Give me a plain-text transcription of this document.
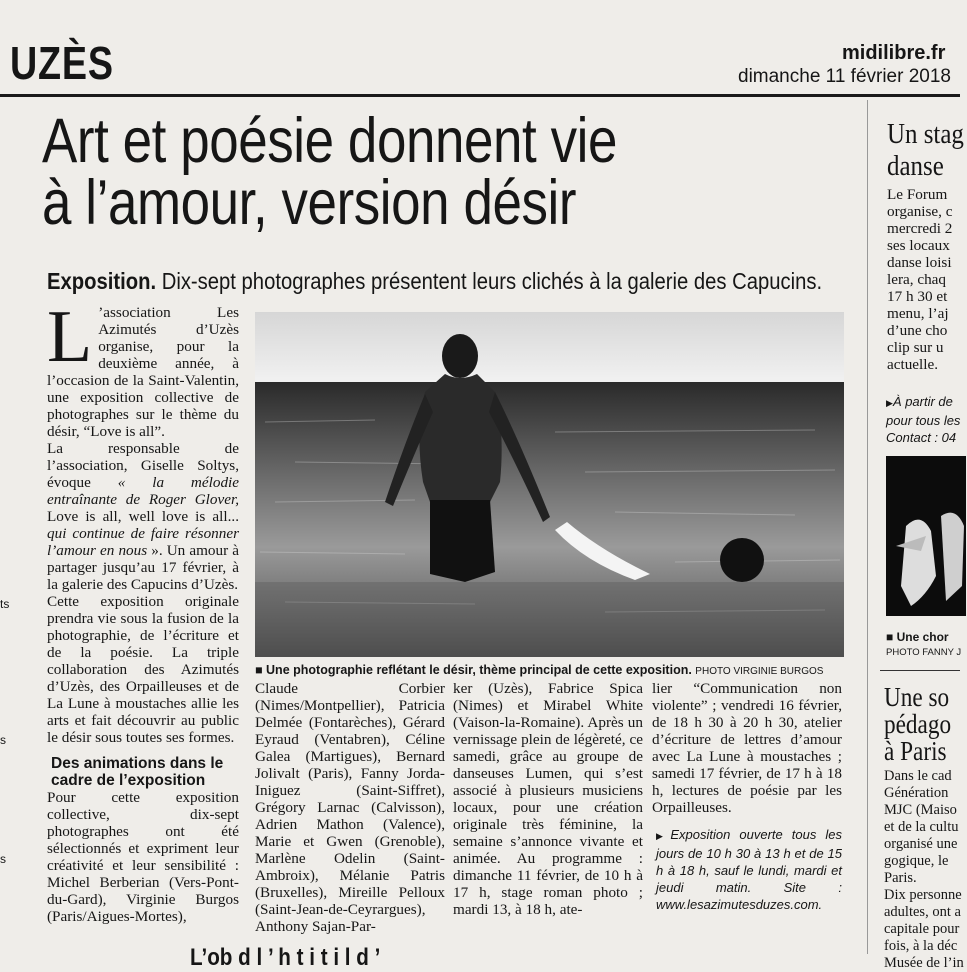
UZÈS	midilibre.fr
dimanche 11 février 2018
ts
s
s
Art et poésie donnent vie
à l’amour, version désir
Exposition. Dix-sept photographes présentent leurs clichés à la galerie des Capucins.
L ’association Les Azimutés d’Uzès organise, pour la deuxième année, à l’occasion de la Saint-Valentin, une exposition collective de photographes sur le thème du désir, “Love is all”.

La responsable de l’association, Giselle Soltys, évoque « la mélodie entraînante de Roger Glover, Love is all, well love is all... qui continue de faire résonner l’amour en nous ». Un amour à partager jusqu’au 17 février, à la galerie des Capucins d’Uzès.

Cette exposition originale prendra vie sous la fusion de la photographie, de l’écriture et de la poésie. La triple collaboration des Azimutés d’Uzès, des Orpailleuses et de La Lune à moustaches allie les arts et fait découvrir au public le désir sous toutes ses formes.

Des animations dans le cadre de l’exposition

Pour cette exposition collective, dix-sept photographes ont été sélectionnés et expriment leur créativité et leur sensibilité : Michel Berberian (Vers-Pont-du-Gard), Virginie Burgos (Paris/Aigues-Mortes),

■ Une photographie reflétant le désir, thème principal de cette exposition. PHOTO VIRGINIE BURGOS
Claude Corbier (Nimes/Montpellier), Patricia Delmée (Fontarèches), Gérard Eyraud (Ventabren), Céline Galea (Martigues), Bernard Jolivalt (Paris), Fanny Jorda-Iniguez (Saint-Siffret), Grégory Larnac (Calvisson), Adrien Mathon (Valence), Marie et Gwen (Grenoble), Marlène Odelin (Saint-Ambroix), Mélanie Patris (Bruxelles), Mireille Pelloux (Saint-Jean-de-Ceyrargues), Anthony Sajan-Par-
ker (Uzès), Fabrice Spica (Nimes) et Mirabel White (Vaison-la-Romaine). Après un vernissage plein de légèreté, ce samedi, grâce au groupe de danseuses Lumen, qui s’est associé à plusieurs musiciens locaux, pour une création originale très féminine, la semaine s’annonce vivante et animée. Au programme : dimanche 11 février, de 10 h à 17 h, stage roman photo ; mardi 13, à 18 h, ate-

lier “Communication non violente” ; vendredi 16 février, de 18 h 30 à 20 h 30, atelier d’écriture de lettres d’amour avec La Lune à moustaches ; samedi 17 février, de 17 h à 18 h, lectures de poésie par les Orpailleuses.

▶ Exposition ouverte tous les jours de 10 h 30 à 13 h et de 15 h à 18 h, sauf le lundi, mardi et jeudi matin. Site : www.lesazimutesduzes.com.
Un stag
danse
Le Forum
organise, c
mercredi 2
ses locaux
danse loisi
lera, chaq
17 h 30 et
menu, l’aj
d’une cho
clip sur u
actuelle.
▶À partir de
pour tous les
Contact : 04
■ Une chor
PHOTO FANNY J
Une so
pédago
à Paris
Dans le cad
Génération
MJC (Maiso
et de la cultu
organisé une
gogique, le
Paris.
Dix personne
adultes, ont a
capitale pour
fois, à la déc
Musée de l’in
L’ob d l ’ h t i t i l d ’
